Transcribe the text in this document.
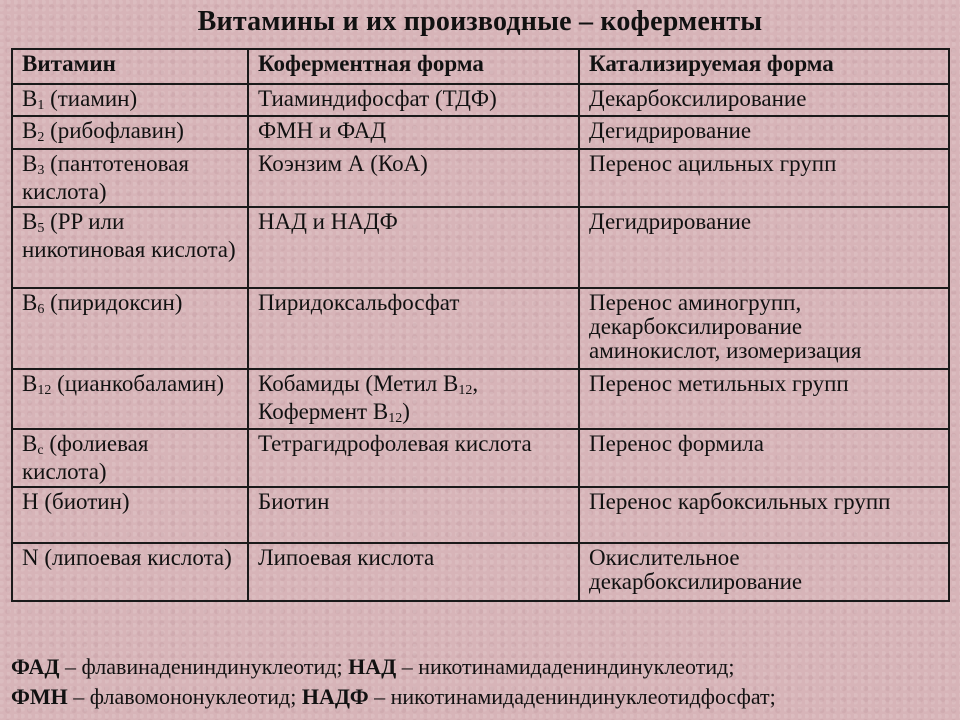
Витамины и их производные – коферменты
Витамин	Коферментная форма	Катализируемая форма
$B_1$ (тиамин)	Тиаминдифосфат (ТДФ)	Декарбоксилирование
$B_2$ (рибофлавин)	ФМН и ФАД	Дегидрирование
$B_3$ (пантотеновая кислота)	Коэнзим А (КоА)	Перенос ацильных групп
$B_5$ (PP или никотиновая кислота)	НАД и НАДФ	Дегидрирование
$B_6$ (пиридоксин)	Пиридоксальфосфат	Перенос аминогрупп, декарбоксилирование аминокислот, изомеризация
$B_{12}$ (цианкобаламин)	Кобамиды (Метил $B_{12}$, Кофермент $B_{12}$)	Перенос метильных групп
$B_c$ (фолиевая кислота)	Тетрагидрофолевая кислота	Перенос формила
H (биотин)	Биотин	Перенос карбоксильных групп
N (липоевая кислота)	Липоевая кислота	Окислительное декарбоксилирование
ФАД – флавинадениндинуклеотид; НАД – никотинамидадениндинуклеотид;
ФМН – флавомононуклеотид; НАДФ – никотинамидадениндинуклеотидфосфат;
